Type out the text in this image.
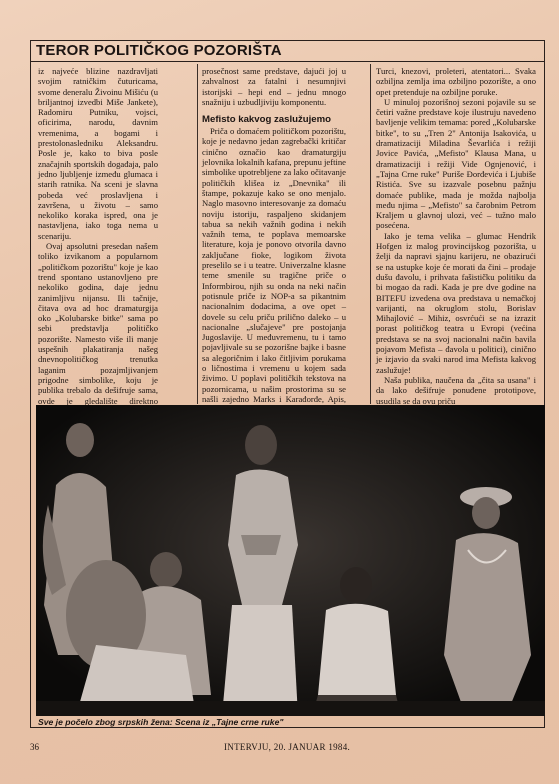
TEROR POLITIČKOG POZORIŠTA

iz najveće blizine nazdravljati svojim ratničkim čuturicama, svome deneralu Živoinu Mišiću (u briljantnoj izvedbi Miše Jankete), Radomiru Putniku, vojsci, oficirima, narodu, davnim vremenima, a bogami i prestolonasledniku Aleksandru. Posle je, kako to biva posle značajnih sportskih događaja, palo jedno ljubljenje između glumaca i starih ratnika. Na sceni je slavna pobeda već proslavljena i završena, u životu – samo nekoliko koraka ispred, ona je nastavljena, iako toga nema u scenariju.

Ovaj apsolutni presedan našem toliko izvikanom a popularnom „političkom pozorištu" koje je kao trend spontano ustanovljeno pre nekoliko godina, daje jednu zanimljivu nijansu. Ili tačnije, čitava ova ad hoc dramaturgija oko „Kolubarske bitke" sama po sebi predstavlja političko pozorište. Namesto više ili manje uspešnih plakatiranja našeg dnevnopolitičkog trenutka laganim pozajmljivanjem prigodne simbolike, koju je publika trebalo da dešifruje sama, ovde je gledalište direktno

prosečnost same predstave, dajući joj u zahvalnost za fatalni i nesumnjivi istorijski – hepi end – jednu mnogo snažniju i uzbudljiviju komponentu.

Mefisto kakvog zaslužujemo

Priča o domaćem političkom pozorištu, koje je nedavno jedan zagrebački kritičar cinično označio kao dramaturgiju jelovnika lokalnih kafana, prepunu jeftine simbolike upotrebljene za lako očitavanje političkih klišea iz „Dnevnika" ili štampe, pokazuje kako se ono menjalo. Naglo masovno interesovanje za domaću noviju istoriju, raspaljeno skidanjem tabua sa nekih važnih godina i nekih važnih tema, te poplava memoarske literature, koja je ponovo otvorila davno zaključane fioke, logikom života preselilo se i u teatre. Univerzalne klasne teme smenile su tragične priče o Informbirou, njih su onda na neki način potisnule priče iz NOP-a sa pikantnim nacionalnim dodacima, a ove opet – dovele su celu priču prilično daleko – u nacionalne „slučajeve" pre postojanja Jugoslavije. U međuvremenu, tu i tamo pojavljivale su se pozorišne bajke i basne sa alegoričnim i lako čitljivim porukama o ličnostima i vremenu u kojem sada živimo. U poplavi političkih tekstova na pozornicama, u našim prostorima su se našli zajedno Marks i Karađorđe, Apis,

Turci, knezovi, proleteri, atentatori... Svaka ozbiljna zemlja ima ozbiljno pozorište, a ono opet pretenduje na ozbiljne poruke.

U minuloj pozorišnoj sezoni pojavile su se četiri važne predstave koje ilustruju navedeno bavljenje velikim temama: pored „Kolubarske bitke", to su „Tren 2" Antonija Isakovića, u dramatizaciji Miladina Ševarlića i režiji Jovice Pavića, „Mefisto" Klausa Mana, u dramatizaciji i režiji Vide Ognjenović, i „Tajna Crne ruke" Puriše Đorđevića i Ljubiše Ristića. Sve su izazvale posebnu pažnju domaće publike, mada je možda najbolja među njima – „Mefisto" sa čarobnim Petrom Kraljem u glavnoj ulozi, već – tužno malo posećena.

Iako je tema velika – glumac Hendrik Hofgen iz malog provincijskog pozorišta, u želji da napravi sjajnu karijeru, ne obazirući se na ustupke koje će morati da čini – prodaje dušu đavolu, i prihvata fašističku politiku da bi mogao da radi. Kada je pre dve godine na BITEFU izvedena ova predstava u nemačkoj varijanti, na okruglom stolu, Borislav Mihajlović – Mihiz, osvrćući se na izrazit porast političkog teatra u Evropi (većina predstava se na svoj nacionalni način bavila pojavom Mefista – đavola u politici), cinično je izjavio da svaki narod ima Mefista kakvog zaslužuje!

Naša publika, naučena da „čita sa usana" i da lako dešifruje ponuđene prototipove, usudila se da ovu priču

Sve je počelo zbog srpskih žena: Scena iz „Tajne crne ruke"
36	INTERVJU, 20. JANUAR 1984.
